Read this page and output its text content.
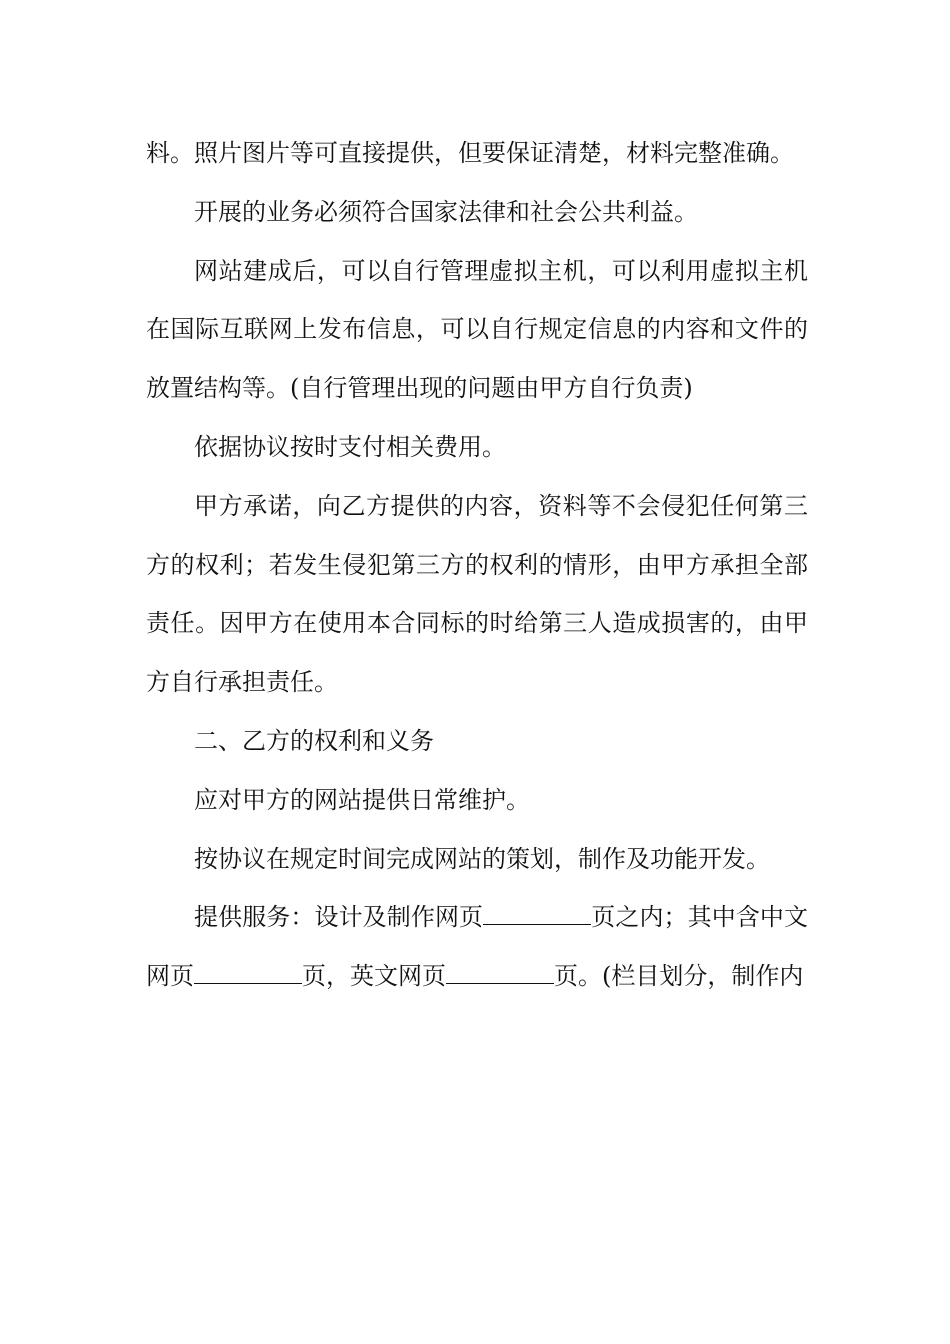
料。照片图片等可直接提供，但要保证清楚，材料完整准确。

开展的业务必须符合国家法律和社会公共利益。

网站建成后，可以自行管理虚拟主机，可以利用虚拟主机在国际互联网上发布信息，可以自行规定信息的内容和文件的放置结构等。(自行管理出现的问题由甲方自行负责)

依据协议按时支付相关费用。

甲方承诺，向乙方提供的内容，资料等不会侵犯任何第三方的权利；若发生侵犯第三方的权利的情形，由甲方承担全部责任。因甲方在使用本合同标的时给第三人造成损害的，由甲方自行承担责任。

二、乙方的权利和义务

应对甲方的网站提供日常维护。

按协议在规定时间完成网站的策划，制作及功能开发。

提供服务：设计及制作网页	页之内；其中含中文网页	页，英文网页	页。(栏目划分，制作内
